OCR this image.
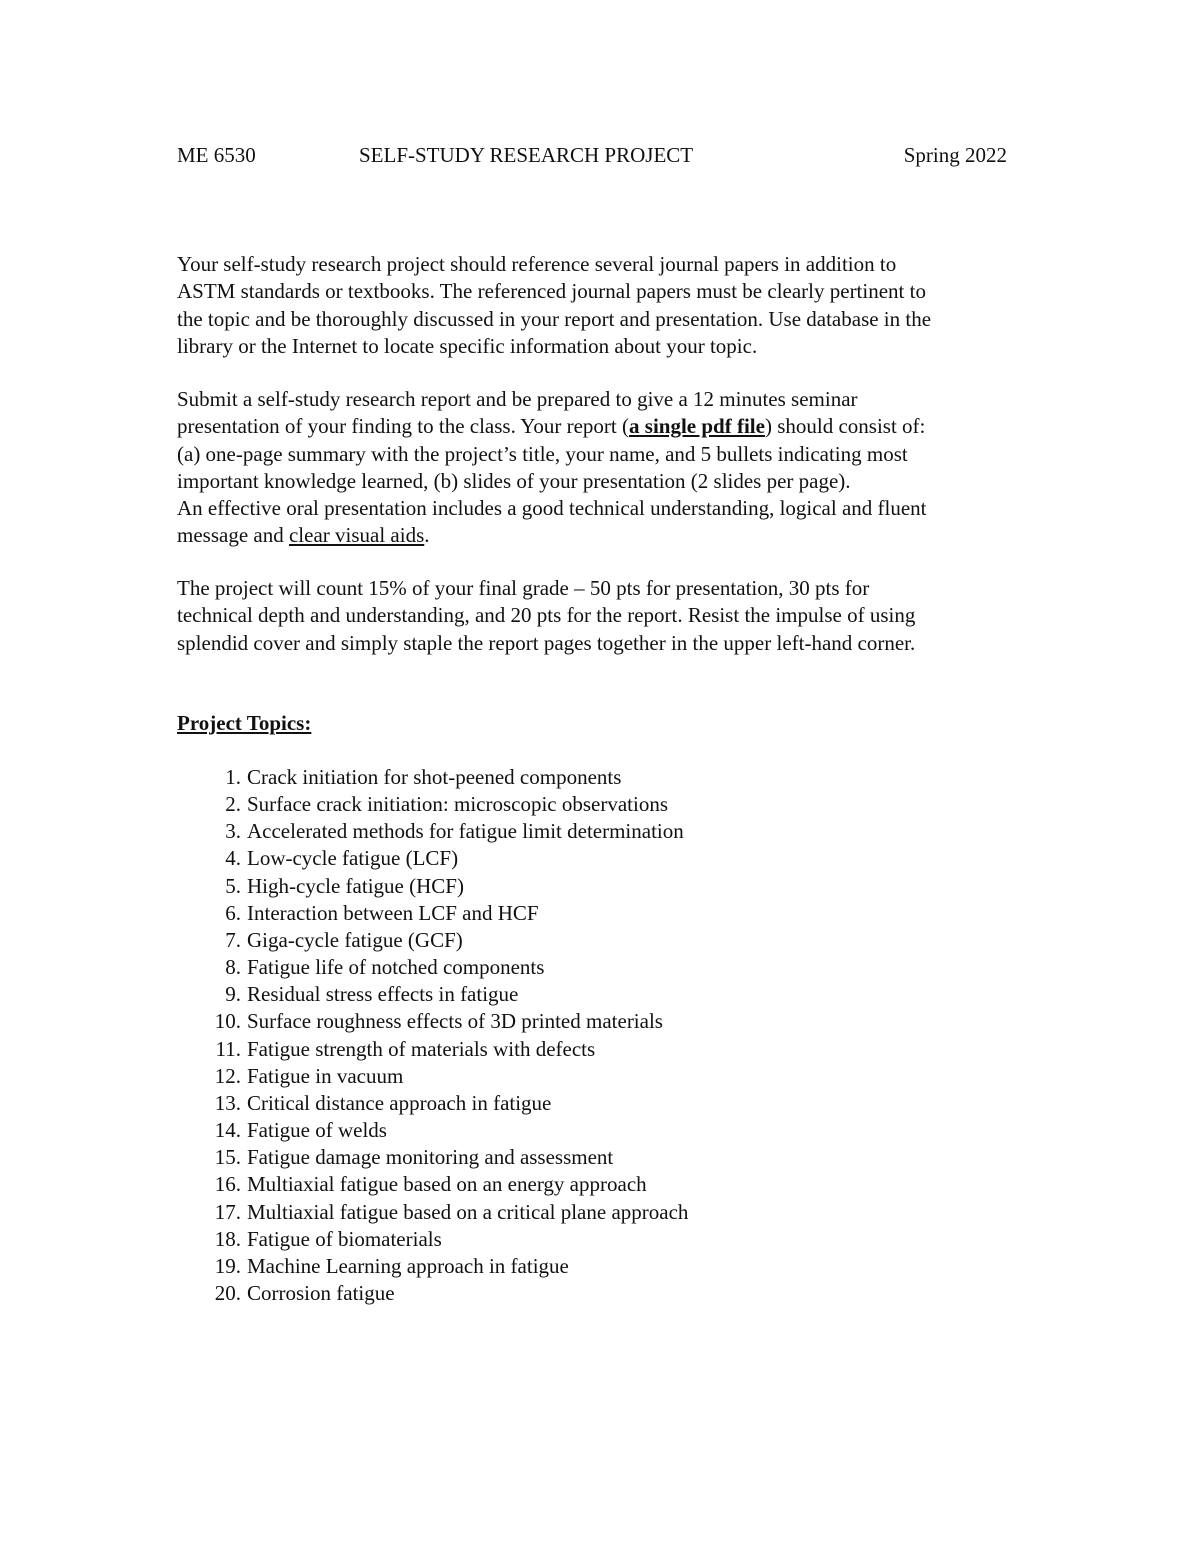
ME 6530	SELF-STUDY RESEARCH PROJECT	Spring 2022
Your self-study research project should reference several journal papers in addition to
ASTM standards or textbooks. The referenced journal papers must be clearly pertinent to
the topic and be thoroughly discussed in your report and presentation. Use database in the
library or the Internet to locate specific information about your topic.
Submit a self-study research report and be prepared to give a 12 minutes seminar
presentation of your finding to the class. Your report (a single pdf file) should consist of:
(a) one-page summary with the project’s title, your name, and 5 bullets indicating most
important knowledge learned, (b) slides of your presentation (2 slides per page).
An effective oral presentation includes a good technical understanding, logical and fluent
message and clear visual aids.
The project will count 15% of your final grade – 50 pts for presentation, 30 pts for
technical depth and understanding, and 20 pts for the report. Resist the impulse of using
splendid cover and simply staple the report pages together in the upper left-hand corner.
Project Topics:
1. Crack initiation for shot-peened components
2. Surface crack initiation: microscopic observations
3. Accelerated methods for fatigue limit determination
4. Low-cycle fatigue (LCF)
5. High-cycle fatigue (HCF)
6. Interaction between LCF and HCF
7. Giga-cycle fatigue (GCF)
8. Fatigue life of notched components
9. Residual stress effects in fatigue
10. Surface roughness effects of 3D printed materials
11. Fatigue strength of materials with defects
12. Fatigue in vacuum
13. Critical distance approach in fatigue
14. Fatigue of welds
15. Fatigue damage monitoring and assessment
16. Multiaxial fatigue based on an energy approach
17. Multiaxial fatigue based on a critical plane approach
18. Fatigue of biomaterials
19. Machine Learning approach in fatigue
20. Corrosion fatigue
